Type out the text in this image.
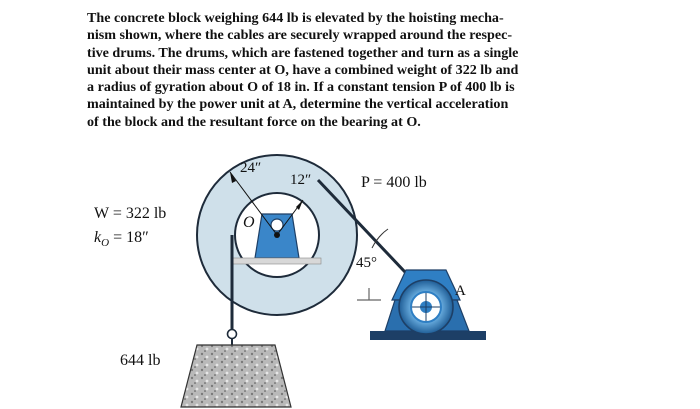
The concrete block weighing 644 lb is elevated by the hoisting mecha-
nism shown, where the cables are securely wrapped around the respec-
tive drums. The drums, which are fastened together and turn as a single
unit about their mass center at O, have a combined weight of 322 lb and
a radius of gyration about O of 18 in. If a constant tension P of 400 lb is
maintained by the power unit at A, determine the vertical acceleration
of the block and the resultant force on the bearing at O.
24″
12″	P = 400 lb
W = 322 lb
$k_O = 18''$
O
45°
A
644 lb
